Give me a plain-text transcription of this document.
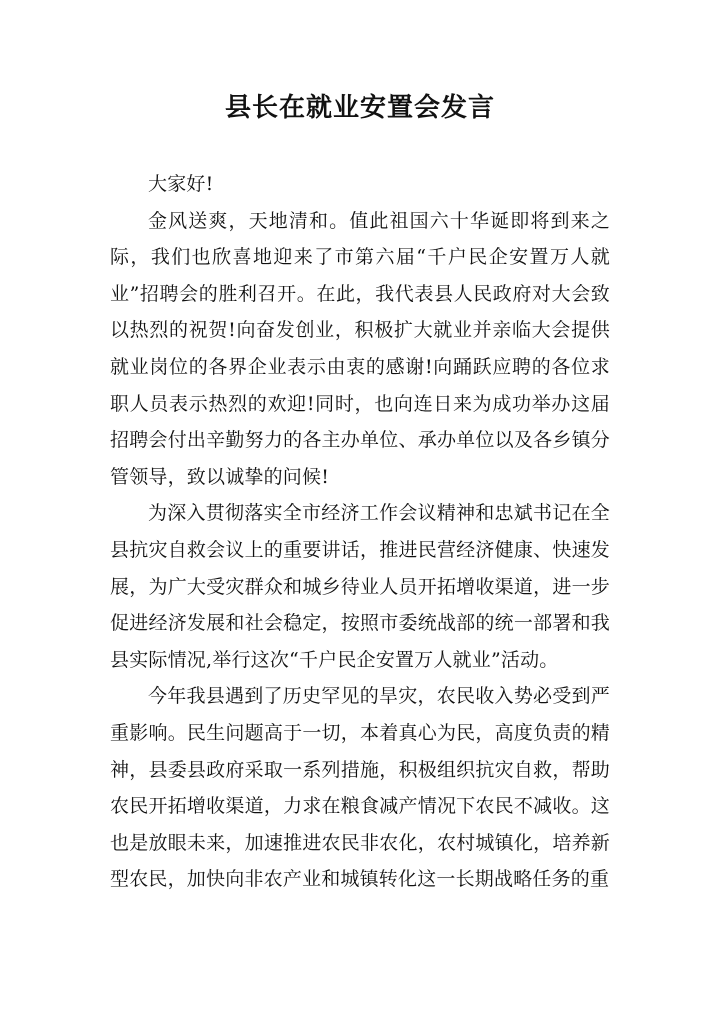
县长在就业安置会发言

大家好!

金风送爽，天地清和。值此祖国六十华诞即将到来之际，我们也欣喜地迎来了市第六届“千户民企安置万人就业”招聘会的胜利召开。在此，我代表县人民政府对大会致以热烈的祝贺!向奋发创业，积极扩大就业并亲临大会提供就业岗位的各界企业表示由衷的感谢!向踊跃应聘的各位求职人员表示热烈的欢迎!同时，也向连日来为成功举办这届招聘会付出辛勤努力的各主办单位、承办单位以及各乡镇分管领导，致以诚挚的问候!

为深入贯彻落实全市经济工作会议精神和忠斌书记在全县抗灾自救会议上的重要讲话，推进民营经济健康、快速发展，为广大受灾群众和城乡待业人员开拓增收渠道，进一步促进经济发展和社会稳定，按照市委统战部的统一部署和我县实际情况,举行这次“千户民企安置万人就业”活动。

今年我县遇到了历史罕见的旱灾，农民收入势必受到严重影响。民生问题高于一切，本着真心为民，高度负责的精神，县委县政府采取一系列措施，积极组织抗灾自救，帮助农民开拓增收渠道，力求在粮食减产情况下农民不减收。这也是放眼未来，加速推进农民非农化，农村城镇化，培养新型农民，加快向非农产业和城镇转化这一长期战略任务的重
